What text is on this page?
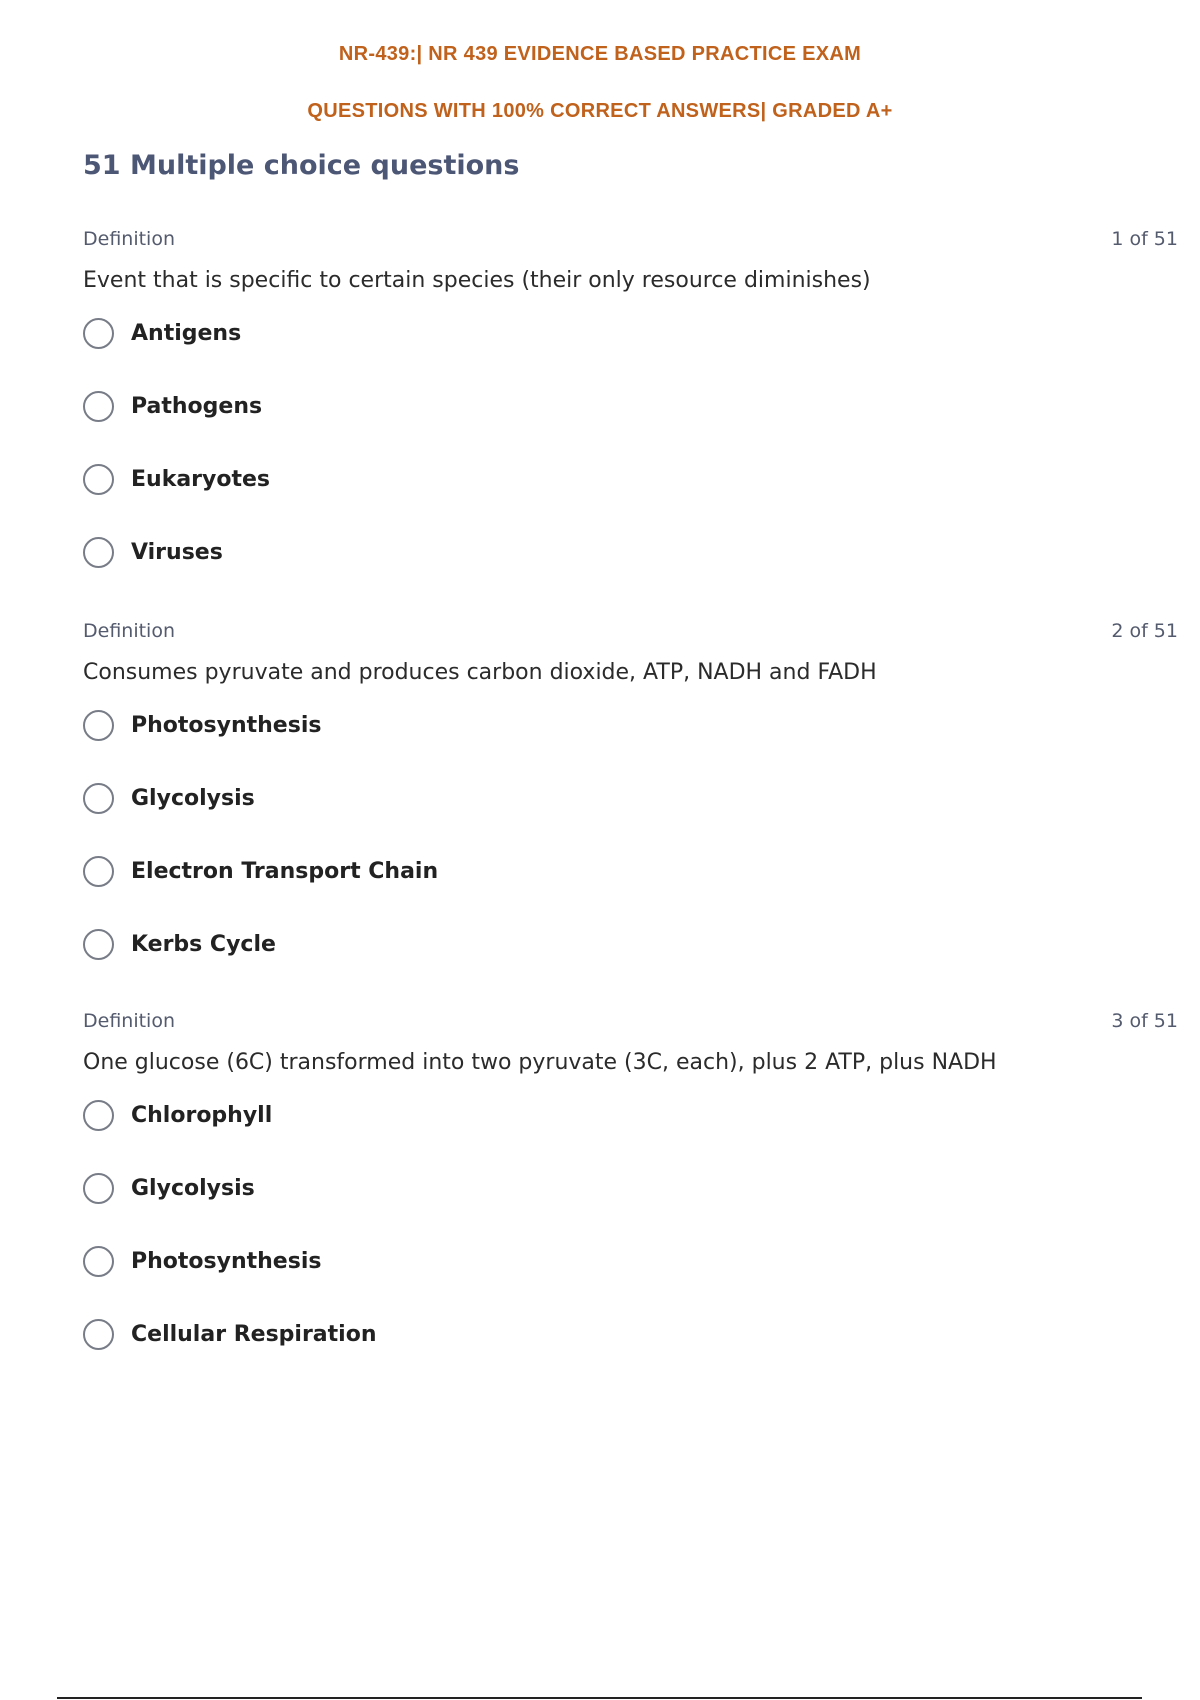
NR-439:| NR 439 EVIDENCE BASED PRACTICE EXAM
QUESTIONS WITH 100% CORRECT ANSWERS| GRADED A+
51 Multiple choice questions
Definition	1 of 51
Event that is specific to certain species (their only resource diminishes)
Antigens
Pathogens
Eukaryotes
Viruses
Definition	2 of 51
Consumes pyruvate and produces carbon dioxide, ATP, NADH and FADH
Photosynthesis
Glycolysis
Electron Transport Chain
Kerbs Cycle
Definition	3 of 51
One glucose (6C) transformed into two pyruvate (3C, each), plus 2 ATP, plus NADH
Chlorophyll
Glycolysis
Photosynthesis
Cellular Respiration
